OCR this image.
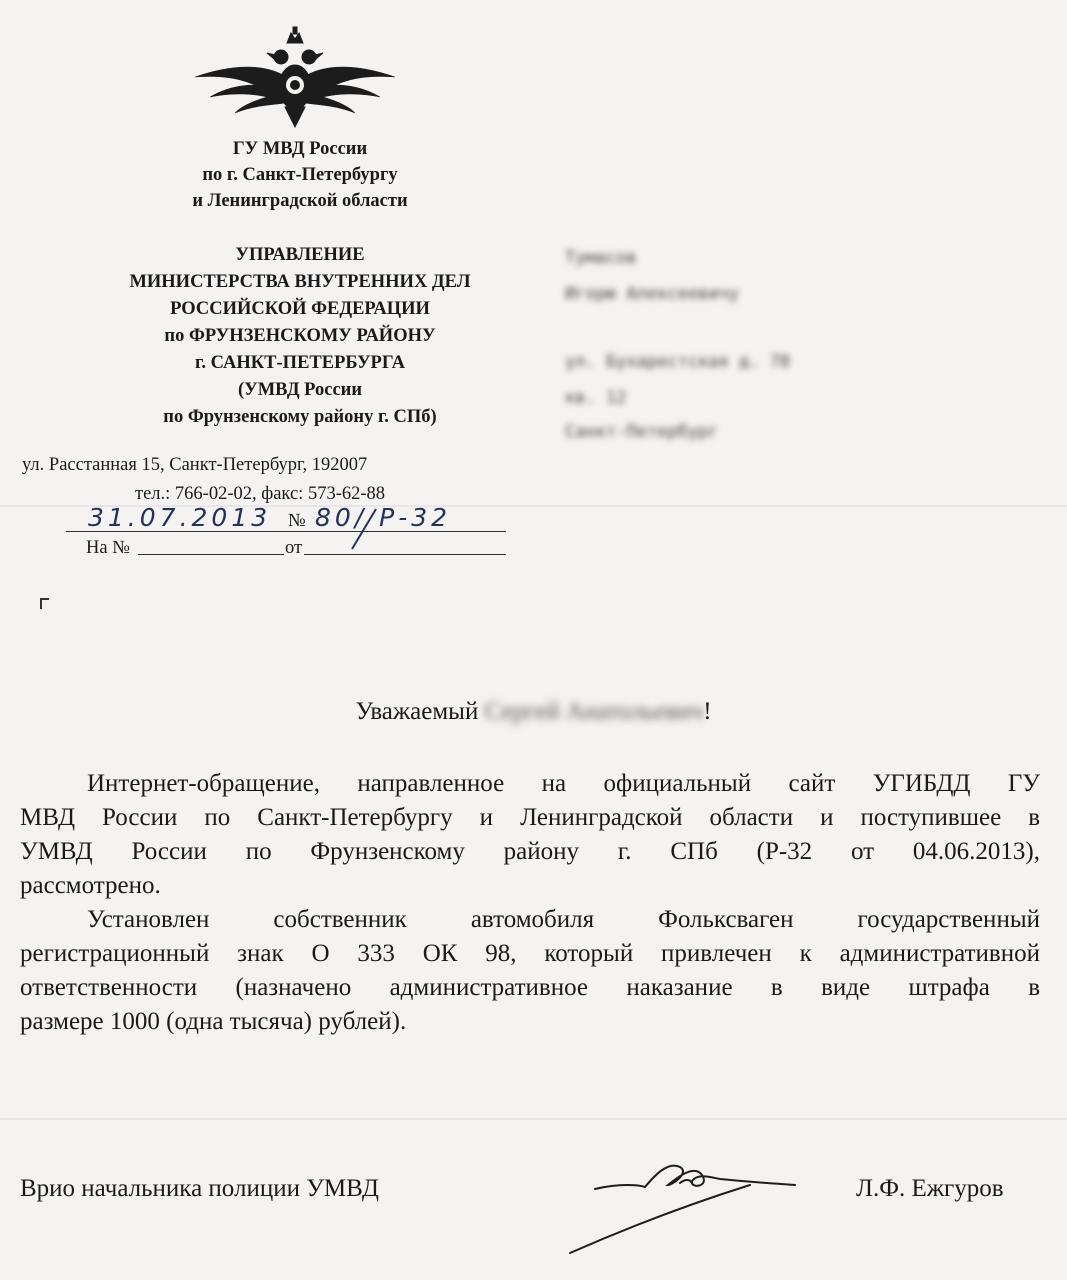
ГУ МВД России
по г. Санкт-Петербургу
и Ленинградской области
УПРАВЛЕНИЕ
МИНИСТЕРСТВА ВНУТРЕННИХ ДЕЛ
РОССИЙСКОЙ ФЕДЕРАЦИИ
по ФРУНЗЕНСКОМУ РАЙОНУ
г. САНКТ-ПЕТЕРБУРГА
(УМВД России
по Фрунзенскому району г. СПб)
ул. Расстанная 15, Санкт-Петербург, 192007
тел.: 766-02-02, факс: 573-62-88
31.07.2013 № 80/ Р-32
На №	от
Тумасов
Игорю Алексеевичу
ул. Бухарестская д. 78
кв. 12
Санкт-Петербург
Уважаемый Сергей Анатольевич!
Интернет-обращение, направленное на официальный сайт УГИБДД ГУ
МВД России по Санкт-Петербургу и Ленинградской области и поступившее в
УМВД России по Фрунзенскому району г. СПб (Р-32 от 04.06.2013),
рассмотрено.
Установлен собственник автомобиля Фольксваген государственный
регистрационный знак О 333 ОК 98, который привлечен к административной
ответственности (назначено административное наказание в виде штрафа в
размере 1000 (одна тысяча) рублей).
Врио начальника полиции УМВД	Л.Ф. Ежгуров
